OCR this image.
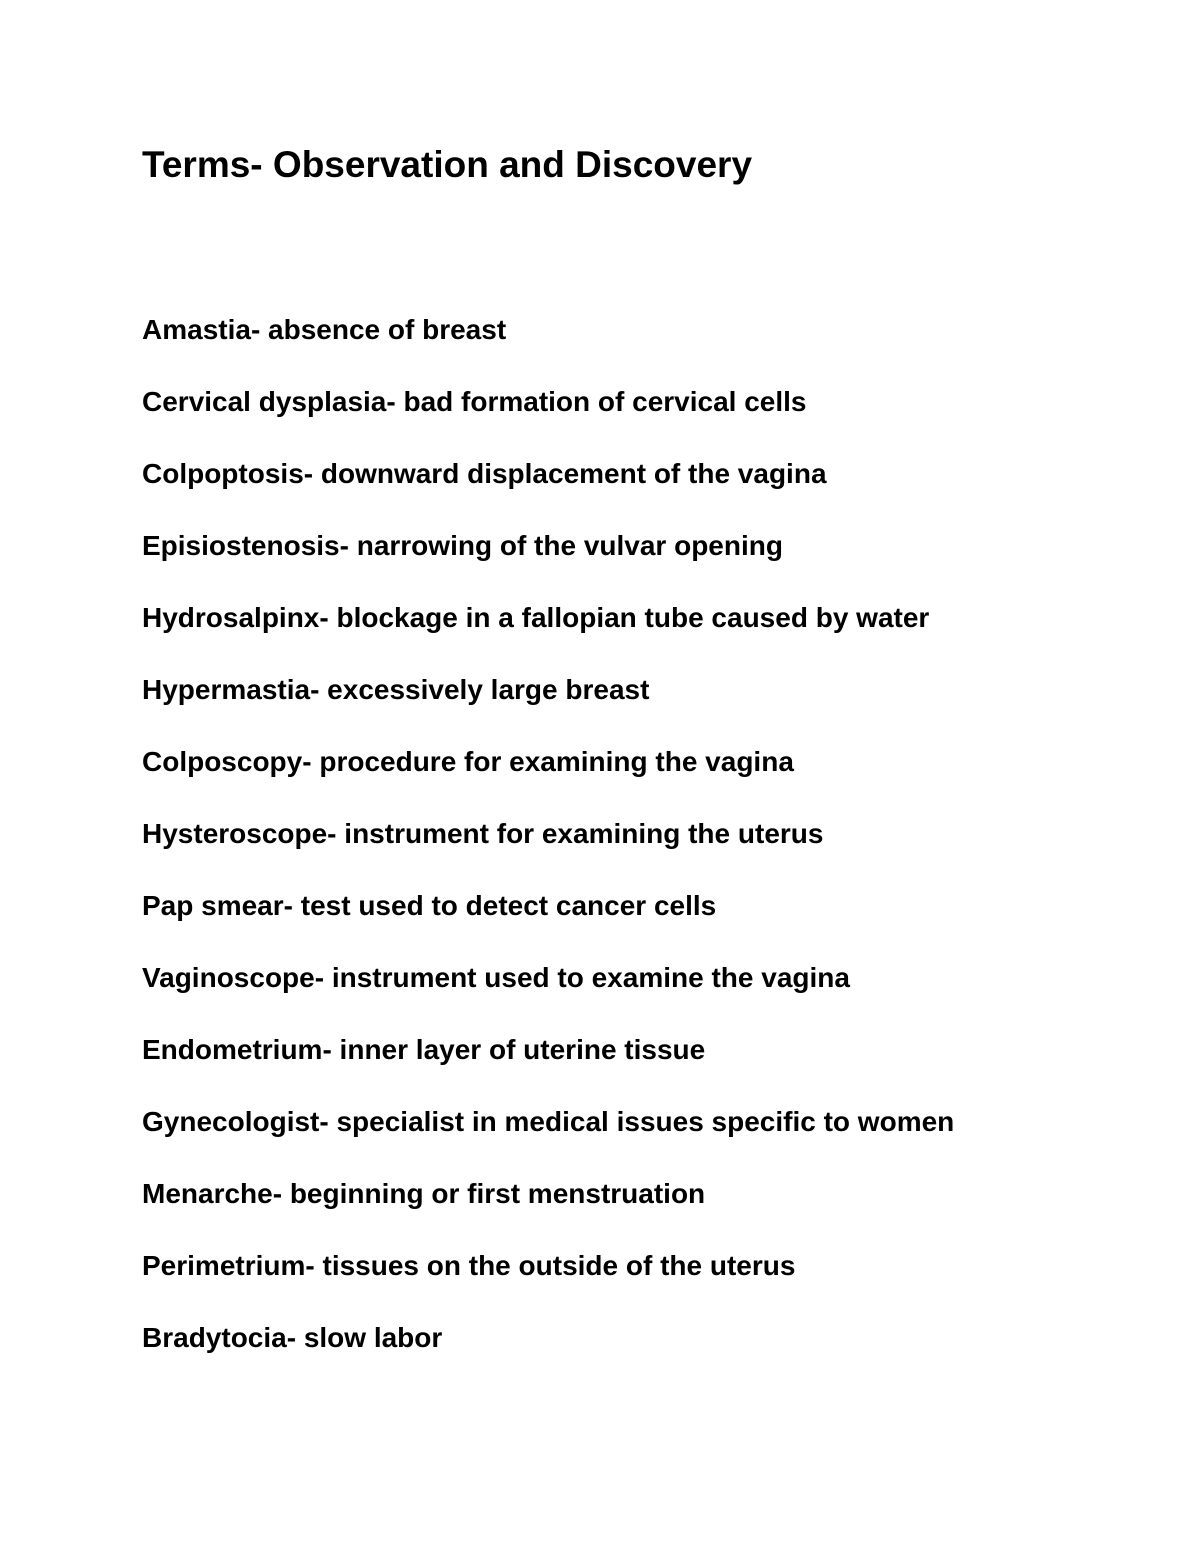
Terms- Observation and Discovery
Amastia- absence of breast
Cervical dysplasia- bad formation of cervical cells
Colpoptosis- downward displacement of the vagina
Episiostenosis- narrowing of the vulvar opening
Hydrosalpinx- blockage in a fallopian tube caused by water
Hypermastia- excessively large breast
Colposcopy- procedure for examining the vagina
Hysteroscope- instrument for examining the uterus
Pap smear- test used to detect cancer cells
Vaginoscope- instrument used to examine the vagina
Endometrium- inner layer of uterine tissue
Gynecologist- specialist in medical issues specific to women
Menarche- beginning or first menstruation
Perimetrium- tissues on the outside of the uterus
Bradytocia- slow labor
